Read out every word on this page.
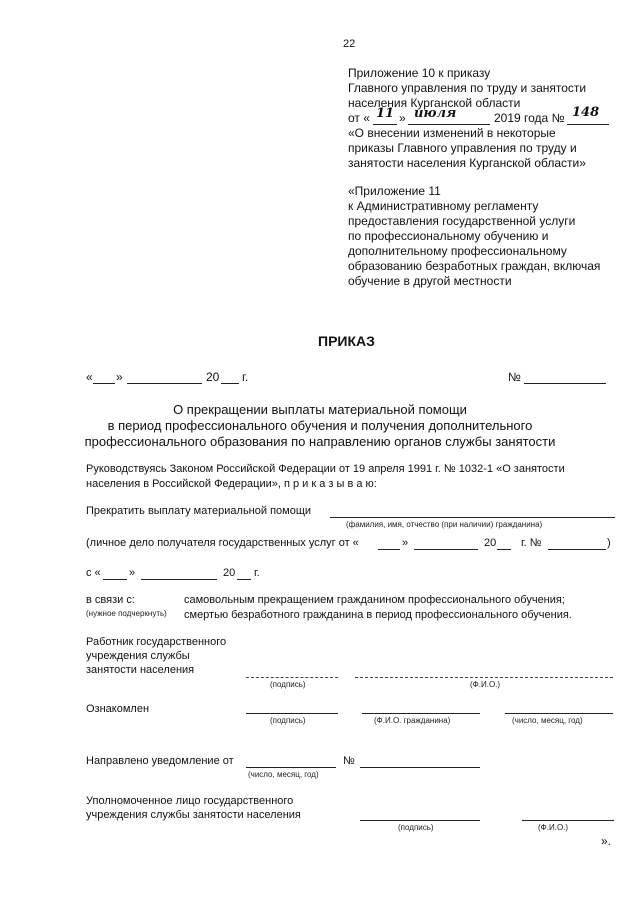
22
Приложение 10 к приказу
Главного управления по труду и занятости
населения Курганской области
от « 11 » июля	2019 года № 148
«О внесении изменений в некоторые
приказы Главного управления по труду и
занятости населения Курганской области»
«Приложение 11
к Административному регламенту
предоставления государственной услуги
по профессиональному обучению и
дополнительному профессиональному
образованию безработных граждан, включая
обучение в другой местности
ПРИКАЗ
« »	20 г.	№
О прекращении выплаты материальной помощи
в период профессионального обучения и получения дополнительного
профессионального образования по направлению органов службы занятости
Руководствуясь Законом Российской Федерации от 19 апреля 1991 г. № 1032-1 «О занятости
населения в Российской Федерации», п р и к а з ы в а ю:
Прекратить выплату материальной помощи
(фамилия, имя, отчество (при наличии) гражданина)
(личное дело получателя государственных услуг от «	»	20 г. №	)
с «	»	20 г.
в связи с:
(нужное подчеркнуть)
самовольным прекращением гражданином профессионального обучения;
смертью безработного гражданина в период профессионального обучения.
Работник государственного
учреждения службы
занятости населения
(подпись)	(Ф.И.О.)
Ознакомлен
(подпись)	(Ф.И.О. гражданина)	(число, месяц, год)
Направлено уведомление от
(число, месяц, год)
№
Уполномоченное лицо государственного
учреждения службы занятости населения
(подпись)	(Ф.И.О.)
».
